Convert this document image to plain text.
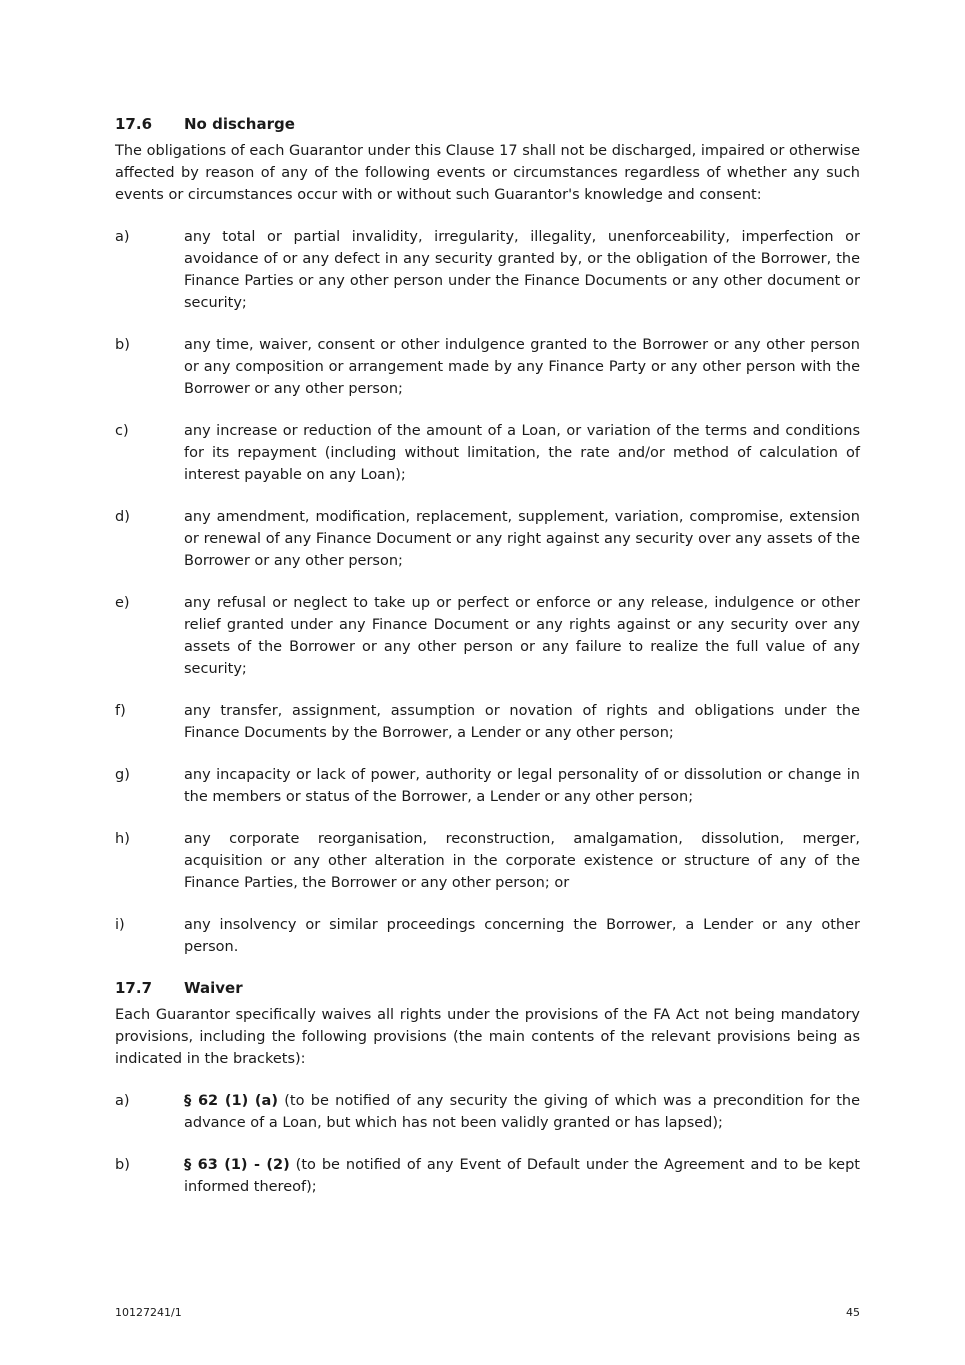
17.6	No discharge
The obligations of each Guarantor under this Clause 17 shall not be discharged, impaired or otherwise affected by reason of any of the following events or circumstances regardless of whether any such events or circumstances occur with or without such Guarantor's knowledge and consent:
a)	any total or partial invalidity, irregularity, illegality, unenforceability, imperfection or avoidance of or any defect in any security granted by, or the obligation of the Borrower, the Finance Parties or any other person under the Finance Documents or any other document or security;
b)	any time, waiver, consent or other indulgence granted to the Borrower or any other person or any composition or arrangement made by any Finance Party or any other person with the Borrower or any other person;
c)	any increase or reduction of the amount of a Loan, or variation of the terms and conditions for its repayment (including without limitation, the rate and/or method of calculation of interest payable on any Loan);
d)	any amendment, modification, replacement, supplement, variation, compromise, extension or renewal of any Finance Document or any right against any security over any assets of the Borrower or any other person;
e)	any refusal or neglect to take up or perfect or enforce or any release, indulgence or other relief granted under any Finance Document or any rights against or any security over any assets of the Borrower or any other person or any failure to realize the full value of any security;
f)	any transfer, assignment, assumption or novation of rights and obligations under the Finance Documents by the Borrower, a Lender or any other person;
g)	any incapacity or lack of power, authority or legal personality of or dissolution or change in the members or status of the Borrower, a Lender or any other person;
h)	any corporate reorganisation, reconstruction, amalgamation, dissolution, merger, acquisition or any other alteration in the corporate existence or structure of any of the Finance Parties, the Borrower or any other person; or
i)	any insolvency or similar proceedings concerning the Borrower, a Lender or any other person.
17.7	Waiver
Each Guarantor specifically waives all rights under the provisions of the FA Act not being mandatory provisions, including the following provisions (the main contents of the relevant provisions being as indicated in the brackets):
a)	§ 62 (1) (a) (to be notified of any security the giving of which was a precondition for the advance of a Loan, but which has not been validly granted or has lapsed);
b)	§ 63 (1) - (2) (to be notified of any Event of Default under the Agreement and to be kept informed thereof);
10127241/1	45
